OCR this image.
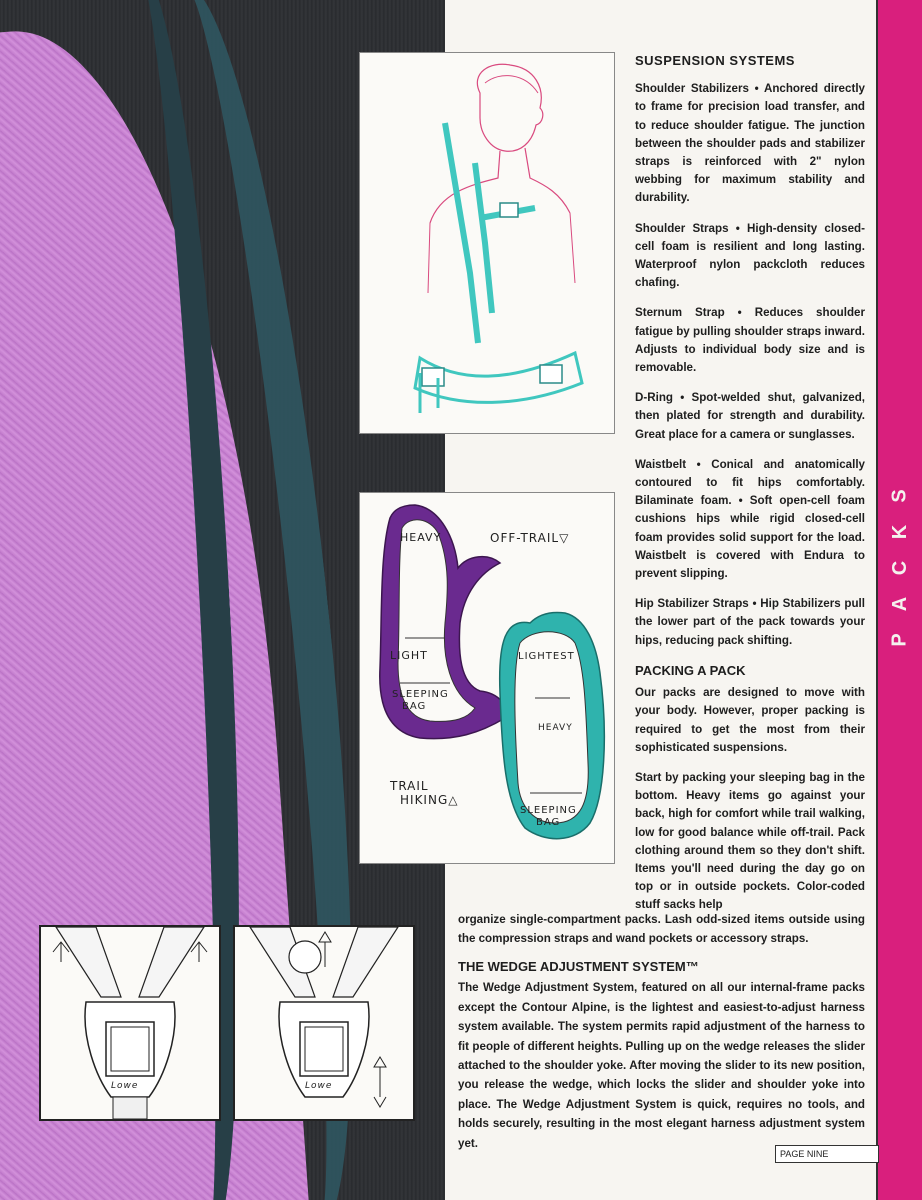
S
K
C
A
P
HEAVY	OFF-TRAIL▽
LIGHT
SLEEPING
BAG
LIGHTEST
HEAVY
SLEEPING
BAG
TRAIL
HIKING△
Lowe	Lowe
SUSPENSION SYSTEMS

Shoulder Stabilizers • Anchored directly to frame for precision load transfer, and to reduce shoulder fatigue. The junction between the shoulder pads and stabilizer straps is reinforced with 2" nylon webbing for maximum stability and durability.

Shoulder Straps • High-density closed-cell foam is resilient and long lasting. Waterproof nylon packcloth reduces chafing.

Sternum Strap • Reduces shoulder fatigue by pulling shoulder straps inward. Adjusts to individual body size and is removable.

D-Ring • Spot-welded shut, galvanized, then plated for strength and durability. Great place for a camera or sunglasses.

Waistbelt • Conical and anatomically contoured to fit hips comfortably. Bilaminate foam. • Soft open-cell foam cushions hips while rigid closed-cell foam provides solid support for the load. Waistbelt is covered with Endura to prevent slipping.

Hip Stabilizer Straps • Hip Stabilizers pull the lower part of the pack towards your hips, reducing pack shifting.

PACKING A PACK

Our packs are designed to move with your body. However, proper packing is required to get the most from their sophisticated suspensions.

Start by packing your sleeping bag in the bottom. Heavy items go against your back, high for comfort while trail walking, low for good balance while off-trail. Pack clothing around them so they don't shift. Items you'll need during the day go on top or in outside pockets. Color-coded stuff sacks help

organize single-compartment packs. Lash odd-sized items outside using the compression straps and wand pockets or accessory straps.
THE WEDGE ADJUSTMENT SYSTEM™
The Wedge Adjustment System, featured on all our internal-frame packs except the Contour Alpine, is the lightest and easiest-to-adjust harness system available. The system permits rapid adjustment of the harness to fit people of different heights. Pulling up on the wedge releases the slider attached to the shoulder yoke. After moving the slider to its new position, you release the wedge, which locks the slider and shoulder yoke into place. The Wedge Adjustment System is quick, requires no tools, and holds securely, resulting in the most elegant harness adjustment system yet.
PAGE NINE
